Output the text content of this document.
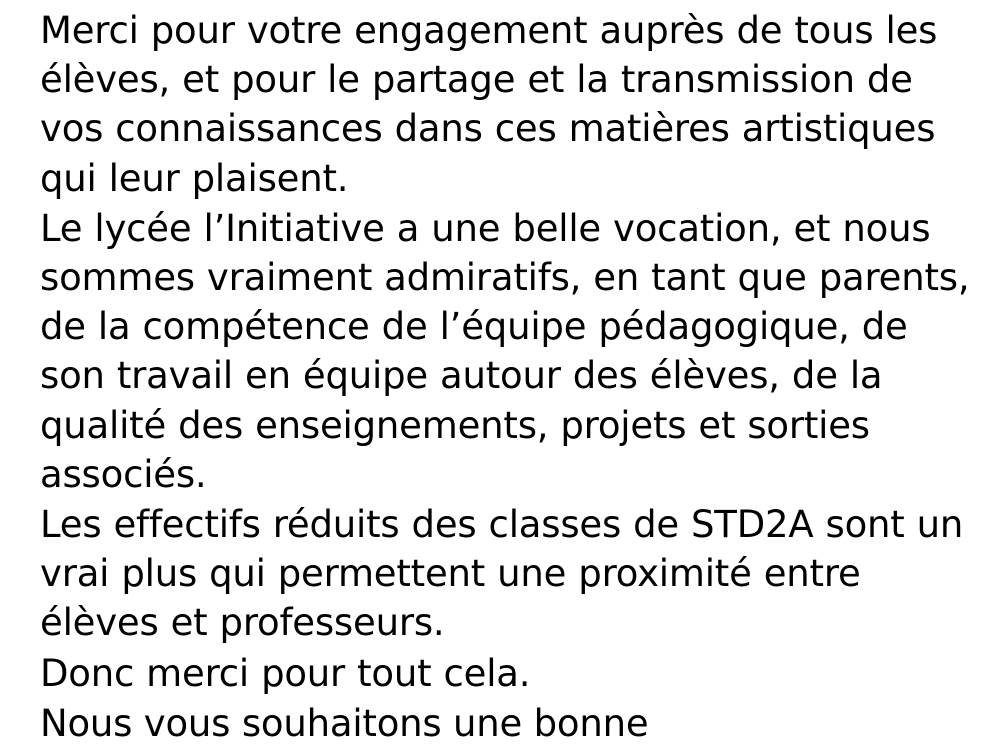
Merci pour votre engagement auprès de tous les élèves, et pour le partage et la transmission de vos connaissances dans ces matières artistiques qui leur plaisent.

Le lycée l’Initiative a une belle vocation, et nous sommes vraiment admiratifs, en tant que parents, de la compétence de l’équipe pédagogique, de son travail en équipe autour des élèves, de la qualité des enseignements, projets et sorties associés.

Les effectifs réduits des classes de STD2A sont un vrai plus qui permettent une proximité entre élèves et professeurs.

Donc merci pour tout cela.

Nous vous souhaitons une bonne
